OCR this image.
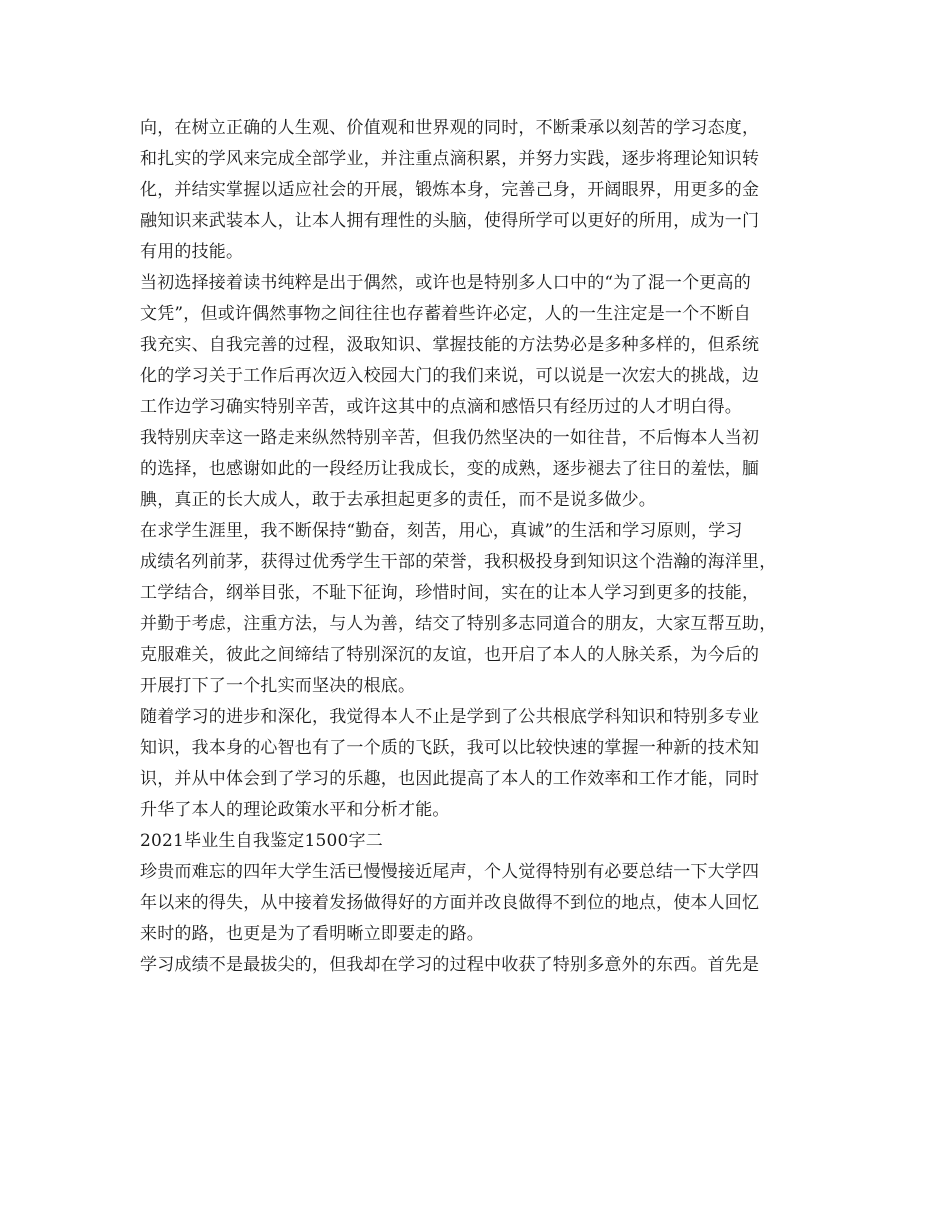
向，在树立正确的人生观、价值观和世界观的同时，不断秉承以刻苦的学习态度，
和扎实的学风来完成全部学业，并注重点滴积累，并努力实践，逐步将理论知识转
化，并结实掌握以适应社会的开展，锻炼本身，完善己身，开阔眼界，用更多的金
融知识来武装本人，让本人拥有理性的头脑，使得所学可以更好的所用，成为一门
有用的技能。
当初选择接着读书纯粹是出于偶然，或许也是特别多人口中的“为了混一个更高的
文凭”，但或许偶然事物之间往往也存蓄着些许必定，人的一生注定是一个不断自
我充实、自我完善的过程，汲取知识、掌握技能的方法势必是多种多样的，但系统
化的学习关于工作后再次迈入校园大门的我们来说，可以说是一次宏大的挑战，边
工作边学习确实特别辛苦，或许这其中的点滴和感悟只有经历过的人才明白得。
我特别庆幸这一路走来纵然特别辛苦，但我仍然坚决的一如往昔，不后悔本人当初
的选择，也感谢如此的一段经历让我成长，变的成熟，逐步褪去了往日的羞怯，腼
腆，真正的长大成人，敢于去承担起更多的责任，而不是说多做少。
在求学生涯里，我不断保持“勤奋，刻苦，用心，真诚”的生活和学习原则，学习
成绩名列前茅，获得过优秀学生干部的荣誉，我积极投身到知识这个浩瀚的海洋里，
工学结合，纲举目张，不耻下征询，珍惜时间，实在的让本人学习到更多的技能，
并勤于考虑，注重方法，与人为善，结交了特别多志同道合的朋友，大家互帮互助，
克服难关，彼此之间缔结了特别深沉的友谊，也开启了本人的人脉关系，为今后的
开展打下了一个扎实而坚决的根底。
随着学习的进步和深化，我觉得本人不止是学到了公共根底学科知识和特别多专业
知识，我本身的心智也有了一个质的飞跃，我可以比较快速的掌握一种新的技术知
识，并从中体会到了学习的乐趣，也因此提高了本人的工作效率和工作才能，同时
升华了本人的理论政策水平和分析才能。
2021毕业生自我鉴定1500字二
珍贵而难忘的四年大学生活已慢慢接近尾声，个人觉得特别有必要总结一下大学四
年以来的得失，从中接着发扬做得好的方面并改良做得不到位的地点，使本人回忆
来时的路，也更是为了看明晰立即要走的路。
学习成绩不是最拔尖的，但我却在学习的过程中收获了特别多意外的东西。首先是
